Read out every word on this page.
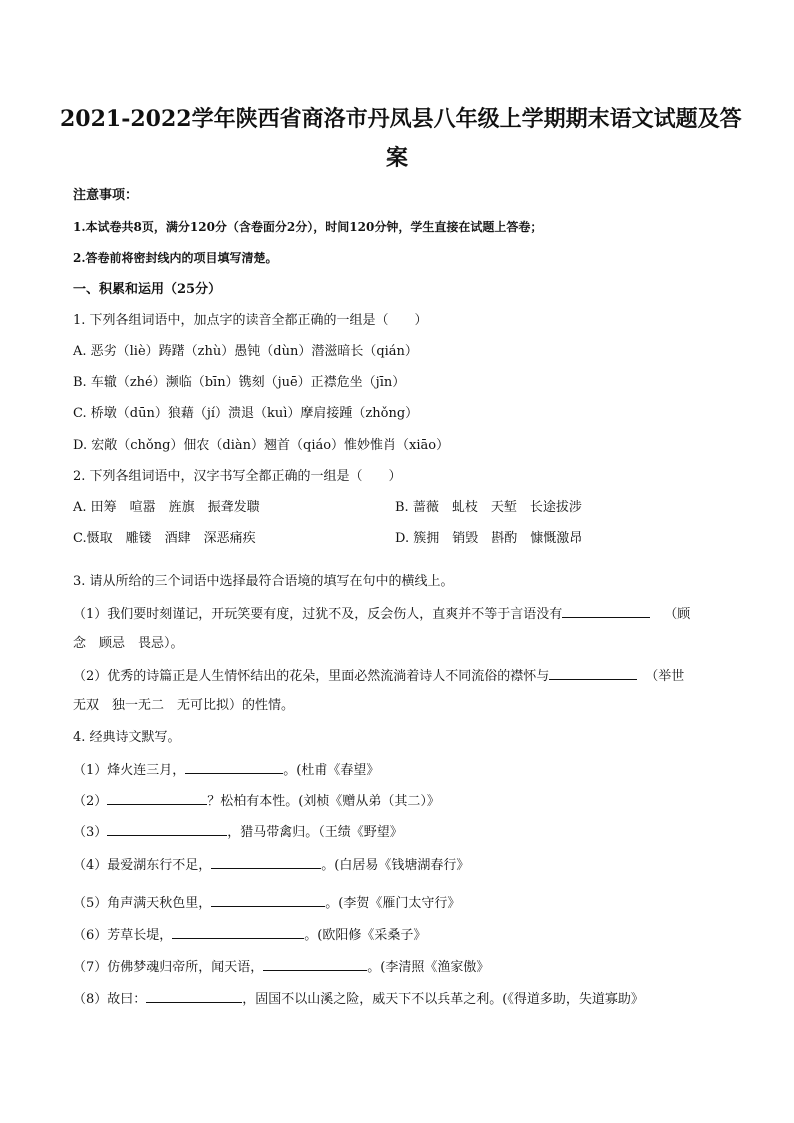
2021-2022学年陕西省商洛市丹凤县八年级上学期期末语文试题及答
案
注意事项：
1.本试卷共8页，满分120分（含卷面分2分），时间120分钟，学生直接在试题上答卷；
2.答卷前将密封线内的项目填写清楚。
一、积累和运用（25分）
1. 下列各组词语中，加点字的读音全都正确的一组是（　　）
A. 恶劣（liè）踌躇（zhù）愚钝（dùn）潜滋暗长（qián）
B. 车辙（zhé）濒临（bīn）镌刻（juē）正襟危坐（jīn）
C. 桥墩（dūn）狼藉（jí）溃退（kuì）摩肩接踵（zhǒng）
D. 宏敞（chǒng）佃农（diàn）翘首（qiáo）惟妙惟肖（xiāo）
2. 下列各组词语中，汉字书写全都正确的一组是（　　）
A. 田筹　喧嚣　旌旗　振聋发聩	B. 蔷薇　虬枝　天堑　长途拔涉
C.慑取　雕镂　酒肆　深恶痛疾	D. 簇拥　销毁　斟酌　慷慨激昂
3. 请从所给的三个词语中选择最符合语境的填写在句中的横线上。
（1）我们要时刻谨记，开玩笑要有度，过犹不及，反会伤人，直爽并不等于言语没有	（顾
念　顾忌　畏忌）。
（2）优秀的诗篇正是人生情怀结出的花朵，里面必然流淌着诗人不同流俗的襟怀与	（举世
无双　独一无二　无可比拟）的性情。
4. 经典诗文默写。
（1）烽火连三月，	。(杜甫《春望》
（2）	？松柏有本性。(刘桢《赠从弟（其二）》
（3）	，猎马带禽归。（王绩《野望》
（4）最爱湖东行不足，	。(白居易《钱塘湖春行》
（5）角声满天秋色里，	。(李贺《雁门太守行》
（6）芳草长堤，	。(欧阳修《采桑子》
（7）仿佛梦魂归帝所，闻天语，	。(李清照《渔家傲》
（8）故曰：	，固国不以山溪之险，威天下不以兵革之利。(《得道多助，失道寡助》
